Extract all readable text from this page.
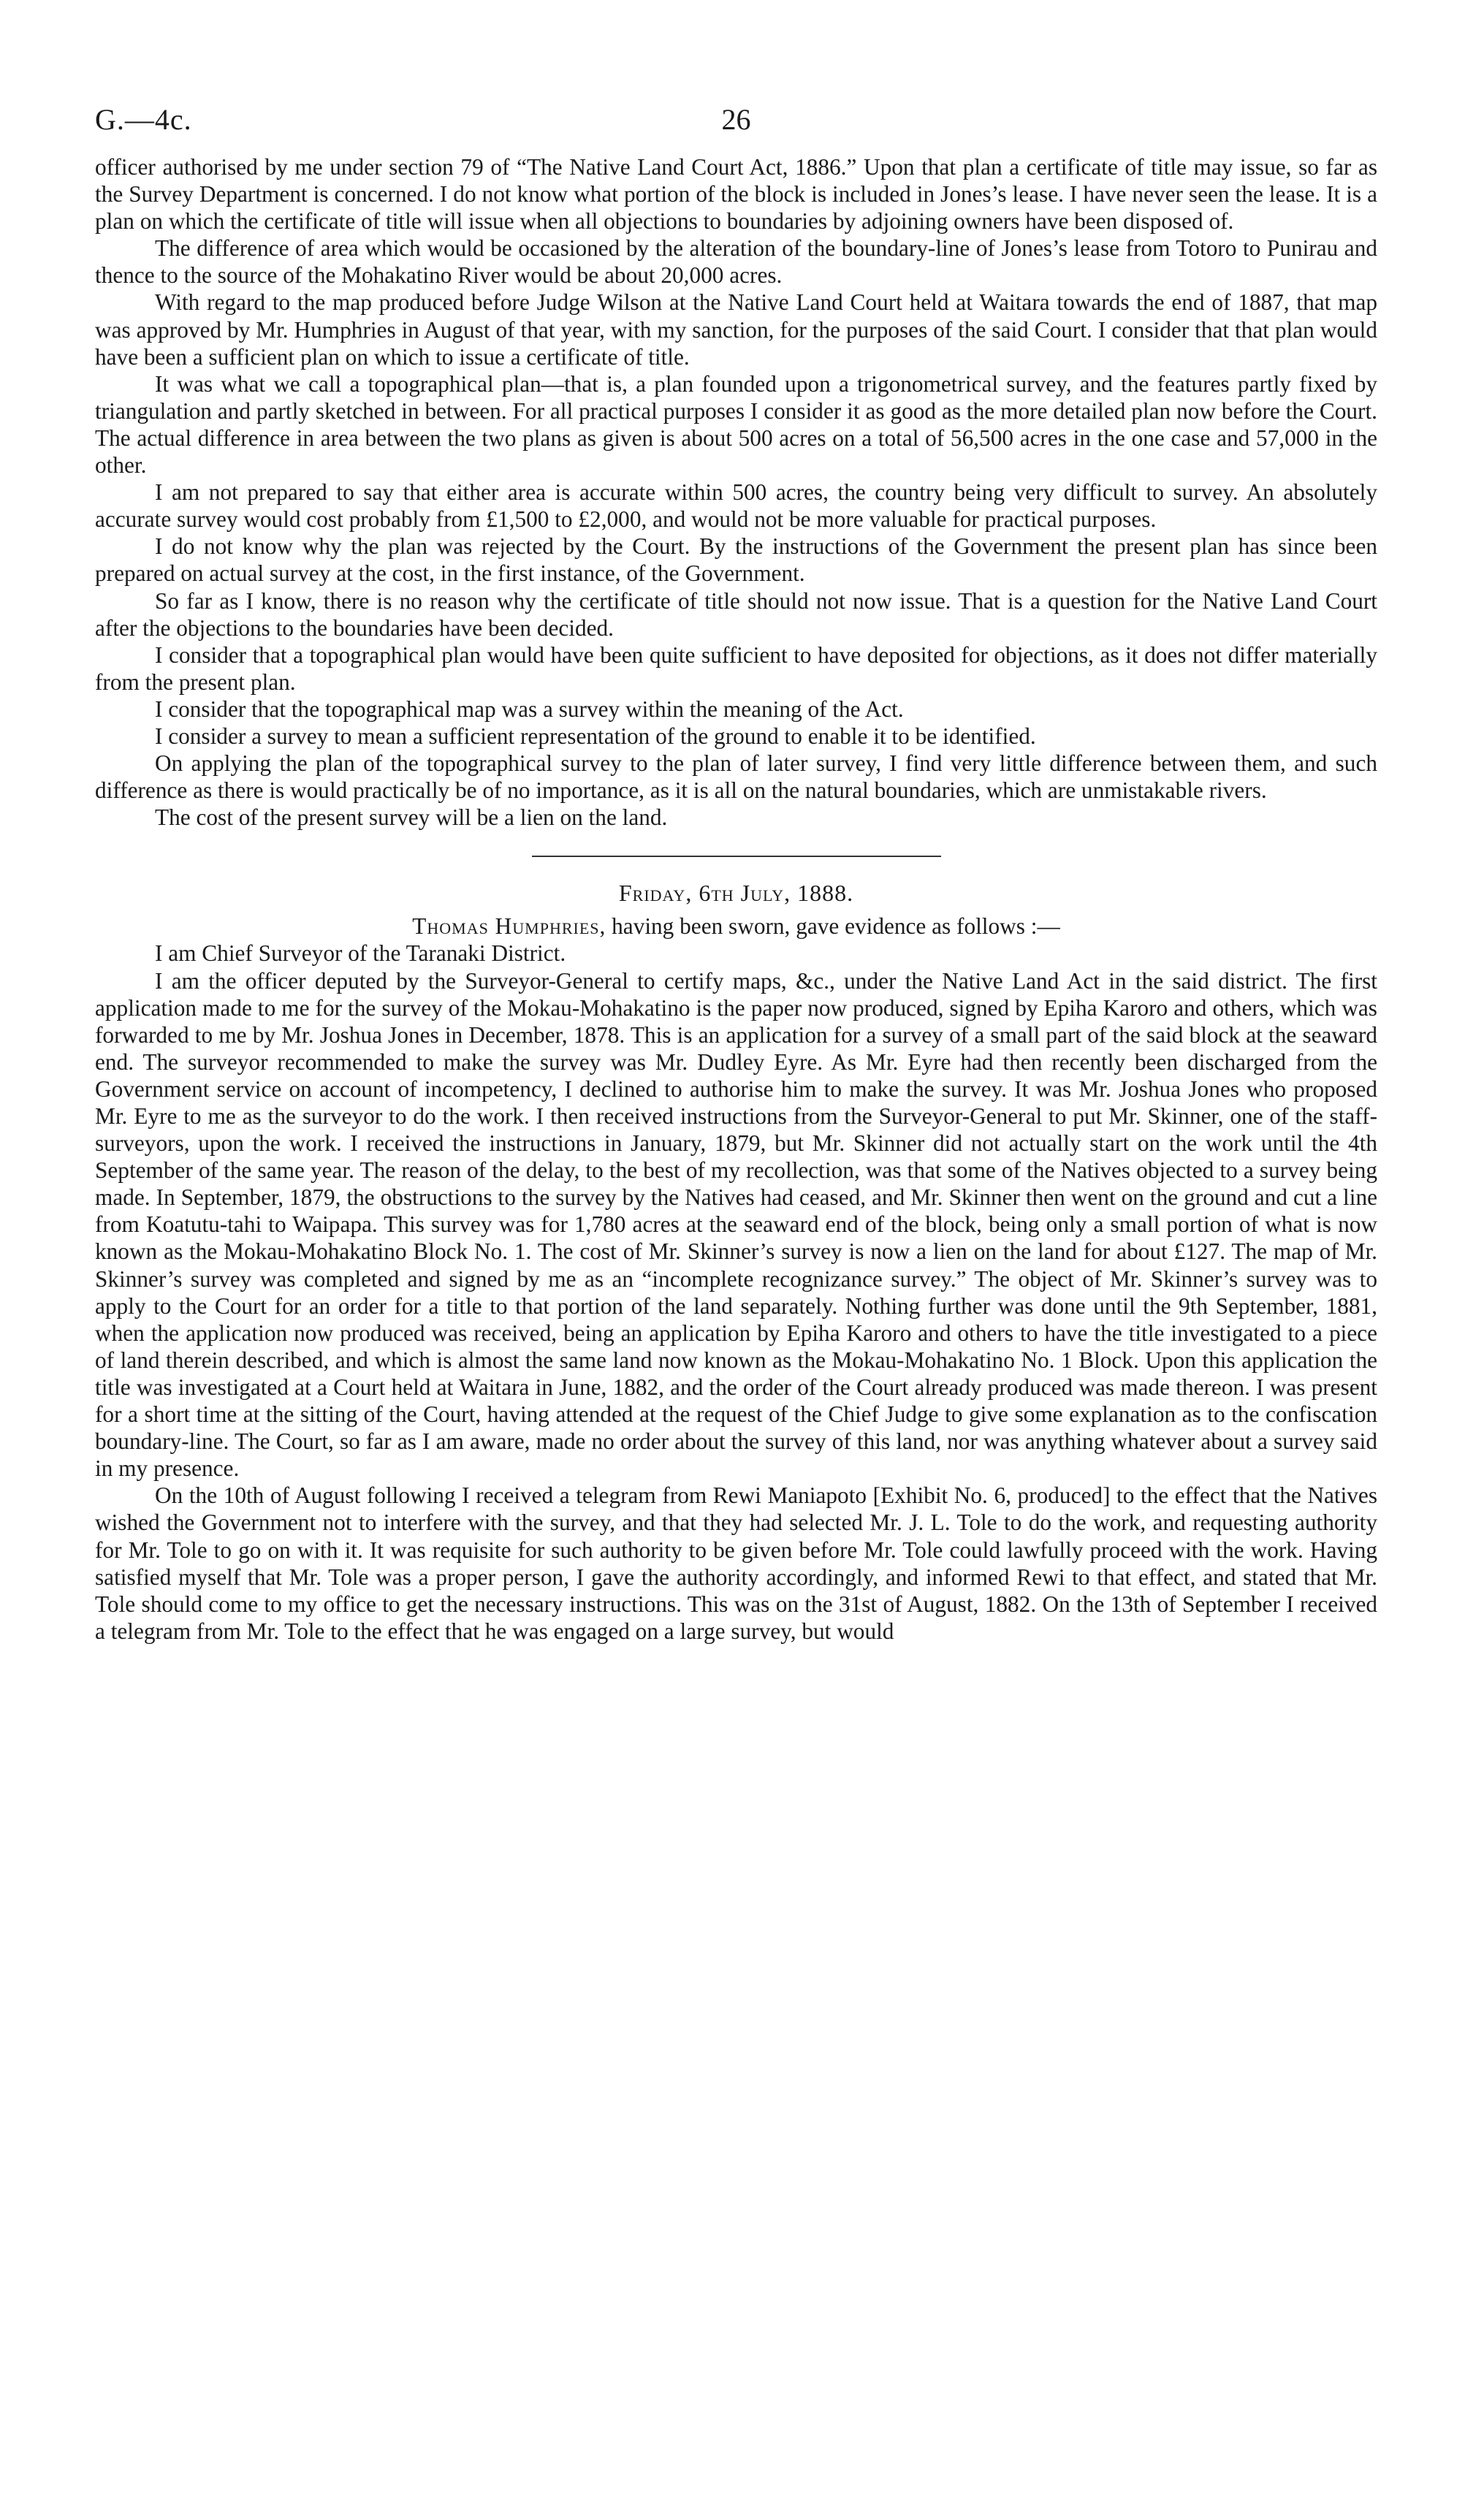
G.—4c.	26

officer authorised by me under section 79 of “The Native Land Court Act, 1886.” Upon that plan a certificate of title may issue, so far as the Survey Department is concerned. I do not know what portion of the block is included in Jones’s lease. I have never seen the lease. It is a plan on which the certificate of title will issue when all objections to boundaries by adjoining owners have been disposed of.

The difference of area which would be occasioned by the alteration of the boundary-line of Jones’s lease from Totoro to Punirau and thence to the source of the Mohakatino River would be about 20,000 acres.

With regard to the map produced before Judge Wilson at the Native Land Court held at Waitara towards the end of 1887, that map was approved by Mr. Humphries in August of that year, with my sanction, for the purposes of the said Court. I consider that that plan would have been a sufficient plan on which to issue a certificate of title.

It was what we call a topographical plan—that is, a plan founded upon a trigonometrical survey, and the features partly fixed by triangulation and partly sketched in between. For all practical purposes I consider it as good as the more detailed plan now before the Court. The actual difference in area between the two plans as given is about 500 acres on a total of 56,500 acres in the one case and 57,000 in the other.

I am not prepared to say that either area is accurate within 500 acres, the country being very difficult to survey. An absolutely accurate survey would cost probably from £1,500 to £2,000, and would not be more valuable for practical purposes.

I do not know why the plan was rejected by the Court. By the instructions of the Government the present plan has since been prepared on actual survey at the cost, in the first instance, of the Government.

So far as I know, there is no reason why the certificate of title should not now issue. That is a question for the Native Land Court after the objections to the boundaries have been decided.

I consider that a topographical plan would have been quite sufficient to have deposited for objections, as it does not differ materially from the present plan.

I consider that the topographical map was a survey within the meaning of the Act.

I consider a survey to mean a sufficient representation of the ground to enable it to be identified.

On applying the plan of the topographical survey to the plan of later survey, I find very little difference between them, and such difference as there is would practically be of no importance, as it is all on the natural boundaries, which are unmistakable rivers.

The cost of the present survey will be a lien on the land.

Friday, 6th July, 1888.
Thomas Humphries, having been sworn, gave evidence as follows :—

I am Chief Surveyor of the Taranaki District.

I am the officer deputed by the Surveyor-General to certify maps, &c., under the Native Land Act in the said district. The first application made to me for the survey of the Mokau-Mohakatino is the paper now produced, signed by Epiha Karoro and others, which was forwarded to me by Mr. Joshua Jones in December, 1878. This is an application for a survey of a small part of the said block at the seaward end. The surveyor recommended to make the survey was Mr. Dudley Eyre. As Mr. Eyre had then recently been discharged from the Government service on account of incompetency, I declined to authorise him to make the survey. It was Mr. Joshua Jones who proposed Mr. Eyre to me as the surveyor to do the work. I then received instructions from the Surveyor-General to put Mr. Skinner, one of the staff-surveyors, upon the work. I received the instructions in January, 1879, but Mr. Skinner did not actually start on the work until the 4th September of the same year. The reason of the delay, to the best of my recollection, was that some of the Natives objected to a survey being made. In September, 1879, the obstructions to the survey by the Natives had ceased, and Mr. Skinner then went on the ground and cut a line from Koatutu-tahi to Waipapa. This survey was for 1,780 acres at the seaward end of the block, being only a small portion of what is now known as the Mokau-Mohakatino Block No. 1. The cost of Mr. Skinner’s survey is now a lien on the land for about £127. The map of Mr. Skinner’s survey was completed and signed by me as an “incomplete recognizance survey.” The object of Mr. Skinner’s survey was to apply to the Court for an order for a title to that portion of the land separately. Nothing further was done until the 9th September, 1881, when the application now produced was received, being an application by Epiha Karoro and others to have the title investigated to a piece of land therein described, and which is almost the same land now known as the Mokau-Mohakatino No. 1 Block. Upon this application the title was investigated at a Court held at Waitara in June, 1882, and the order of the Court already produced was made thereon. I was present for a short time at the sitting of the Court, having attended at the request of the Chief Judge to give some explanation as to the confiscation boundary-line. The Court, so far as I am aware, made no order about the survey of this land, nor was anything whatever about a survey said in my presence.

On the 10th of August following I received a telegram from Rewi Maniapoto [Exhibit No. 6, produced] to the effect that the Natives wished the Government not to interfere with the survey, and that they had selected Mr. J. L. Tole to do the work, and requesting authority for Mr. Tole to go on with it. It was requisite for such authority to be given before Mr. Tole could lawfully proceed with the work. Having satisfied myself that Mr. Tole was a proper person, I gave the authority accordingly, and informed Rewi to that effect, and stated that Mr. Tole should come to my office to get the necessary instructions. This was on the 31st of August, 1882. On the 13th of September I received a telegram from Mr. Tole to the effect that he was engaged on a large survey, but would
